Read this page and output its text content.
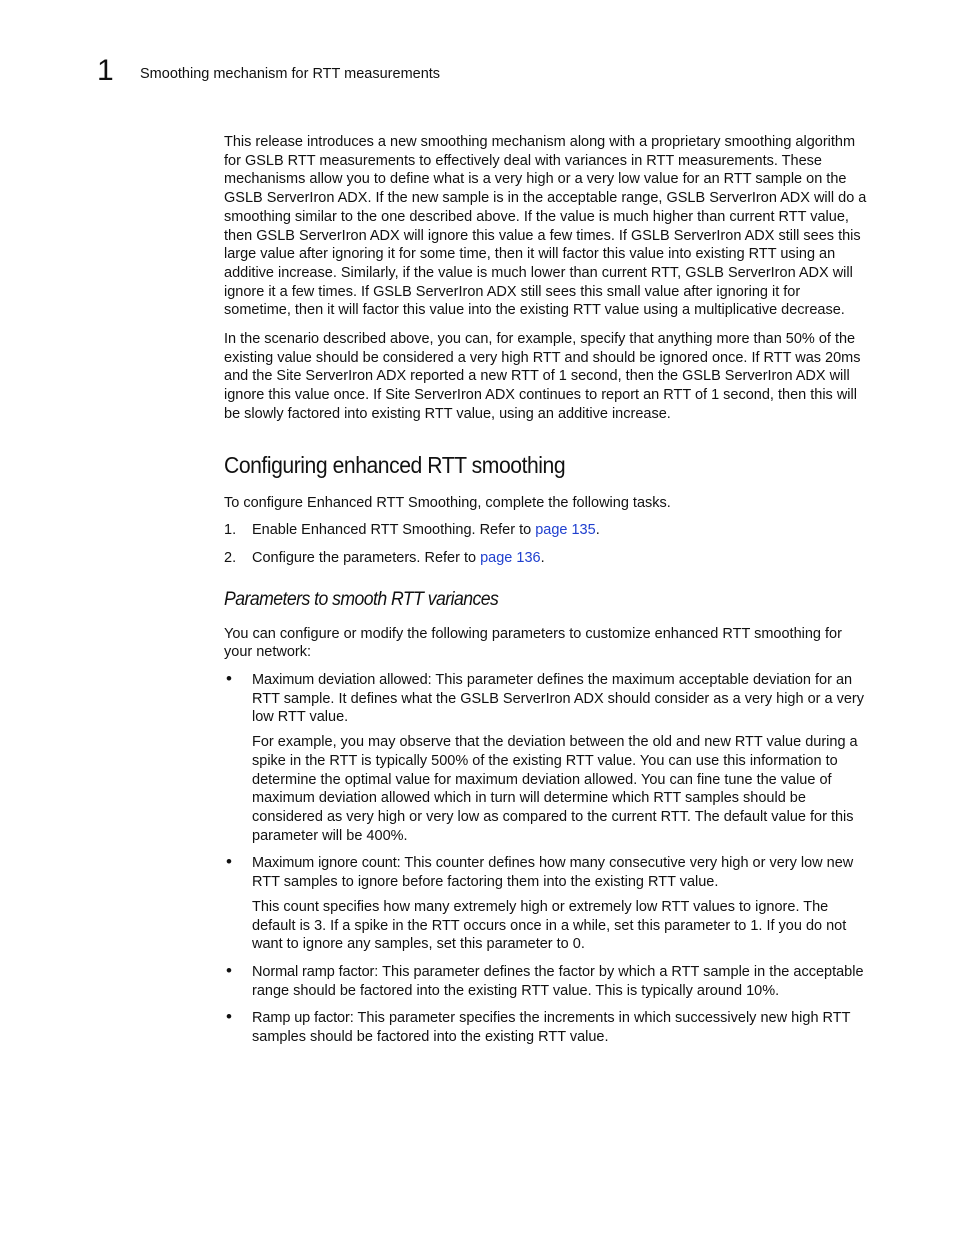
1 Smoothing mechanism for RTT measurements

This release introduces a new smoothing mechanism along with a proprietary smoothing algorithm for GSLB RTT measurements to effectively deal with variances in RTT measurements. These mechanisms allow you to define what is a very high or a very low value for an RTT sample on the GSLB ServerIron ADX. If the new sample is in the acceptable range, GSLB ServerIron ADX will do a smoothing similar to the one described above. If the value is much higher than current RTT value, then GSLB ServerIron ADX will ignore this value a few times. If GSLB ServerIron ADX still sees this large value after ignoring it for some time, then it will factor this value into existing RTT using an additive increase. Similarly, if the value is much lower than current RTT, GSLB ServerIron ADX will ignore it a few times. If GSLB ServerIron ADX still sees this small value after ignoring it for sometime, then it will factor this value into the existing RTT value using a multiplicative decrease.

In the scenario described above, you can, for example, specify that anything more than 50% of the existing value should be considered a very high RTT and should be ignored once. If RTT was 20ms and the Site ServerIron ADX reported a new RTT of 1 second, then the GSLB ServerIron ADX will ignore this value once. If Site ServerIron ADX continues to report an RTT of 1 second, then this will be slowly factored into existing RTT value, using an additive increase.

Configuring enhanced RTT smoothing

To configure Enhanced RTT Smoothing, complete the following tasks.

1. Enable Enhanced RTT Smoothing. Refer to page 135.
2. Configure the parameters. Refer to page 136.
Parameters to smooth RTT variances

You can configure or modify the following parameters to customize enhanced RTT smoothing for your network:

• Maximum deviation allowed: This parameter defines the maximum acceptable deviation for an RTT sample. It defines what the GSLB ServerIron ADX should consider as a very high or a very low RTT value.

For example, you may observe that the deviation between the old and new RTT value during a spike in the RTT is typically 500% of the existing RTT value. You can use this information to determine the optimal value for maximum deviation allowed. You can fine tune the value of maximum deviation allowed which in turn will determine which RTT samples should be considered as very high or very low as compared to the current RTT. The default value for this parameter will be 400%.

• Maximum ignore count: This counter defines how many consecutive very high or very low new RTT samples to ignore before factoring them into the existing RTT value.

This count specifies how many extremely high or extremely low RTT values to ignore. The default is 3. If a spike in the RTT occurs once in a while, set this parameter to 1. If you do not want to ignore any samples, set this parameter to 0.

• Normal ramp factor: This parameter defines the factor by which a RTT sample in the acceptable range should be factored into the existing RTT value. This is typically around 10%.

• Ramp up factor: This parameter specifies the increments in which successively new high RTT samples should be factored into the existing RTT value.
